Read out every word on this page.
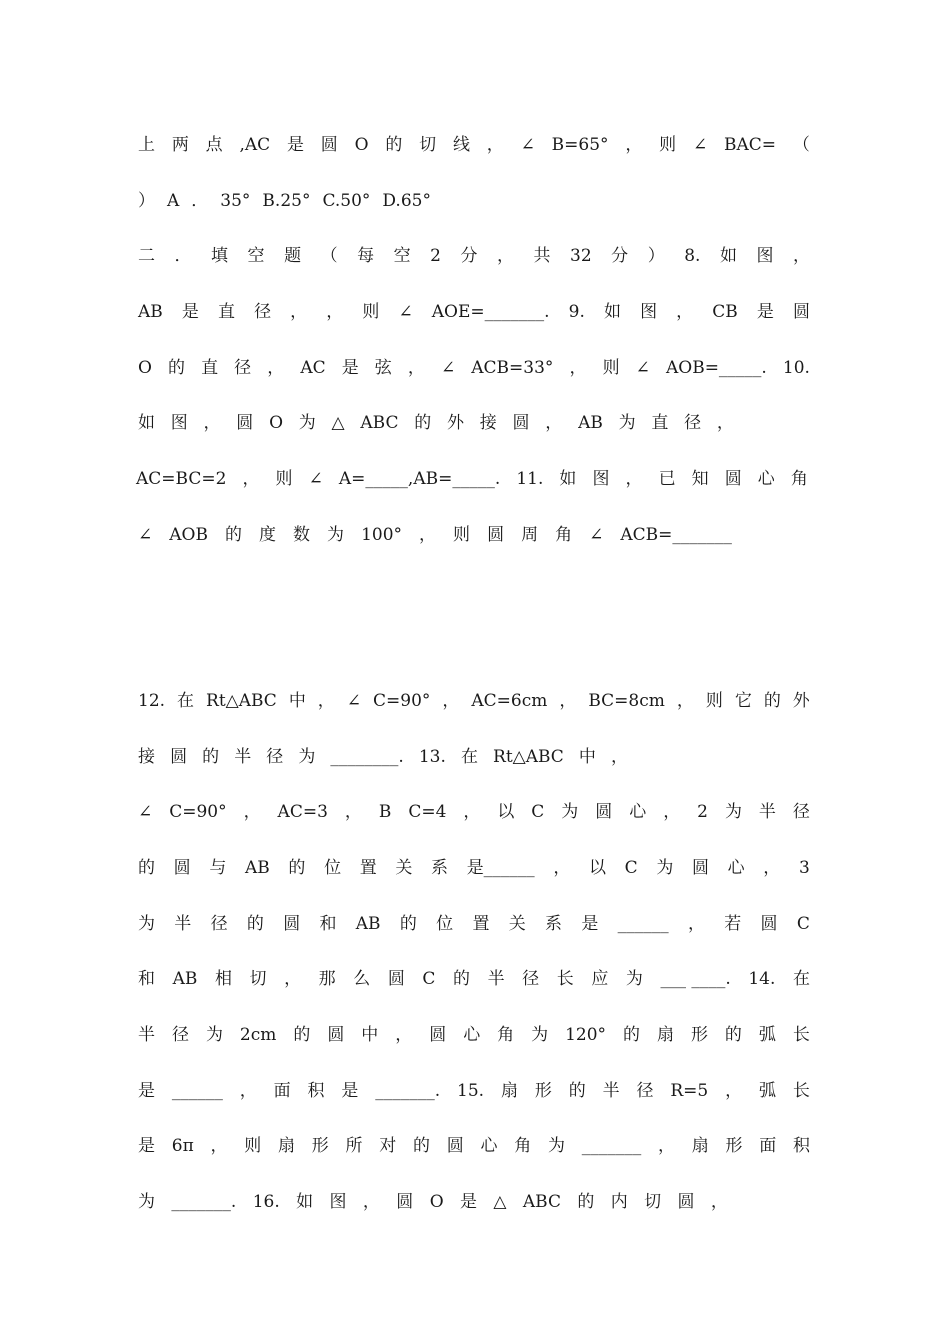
上 两 点 ,AC 是 圆 O 的 切 线 ， ∠ B=65° ， 则 ∠ BAC= （
） A ． 35° B.25° C.50° D.65°
二 ． 填 空 题 （ 每 空 2 分 ， 共 32 分 ） 8. 如 图 ，
AB 是 直 径 ， ， 则 ∠ AOE=_______. 9. 如 图 ， CB 是 圆
O 的 直 径 ， AC 是 弦 ， ∠ ACB=33° ， 则 ∠ AOB=_____. 10.
如 图 ， 圆 O 为 △ ABC 的 外 接 圆 ， AB 为 直 径 ，
AC=BC=2 ， 则 ∠ A=_____,AB=_____. 11. 如 图 ， 已 知 圆 心 角
∠ AOB 的 度 数 为 100° ， 则 圆 周 角 ∠ ACB=_______
12. 在 Rt△ABC 中 ， ∠ C=90° ， AC=6cm ， BC=8cm ， 则 它 的 外
接 圆 的 半 径 为 ________. 13. 在 Rt△ABC 中 ，
∠ C=90° ， AC=3 ， B C=4 ， 以 C 为 圆 心 ， 2 为 半 径
的 圆 与 AB 的 位 置 关 系 是______ ， 以 C 为 圆 心 ， 3
为 半 径 的 圆 和 AB 的 位 置 关 系 是 ______ ， 若 圆 C
和 AB 相 切 ， 那 么 圆 C 的 半 径 长 应 为 ___ ____. 14. 在
半 径 为 2cm 的 圆 中 ， 圆 心 角 为 120° 的 扇 形 的 弧 长
是 ______ ， 面 积 是 _______. 15. 扇 形 的 半 径 R=5 ， 弧 长
是 6π ， 则 扇 形 所 对 的 圆 心 角 为 _______ ， 扇 形 面 积
为 _______. 16. 如 图 ， 圆 O 是 △ ABC 的 内 切 圆 ，
